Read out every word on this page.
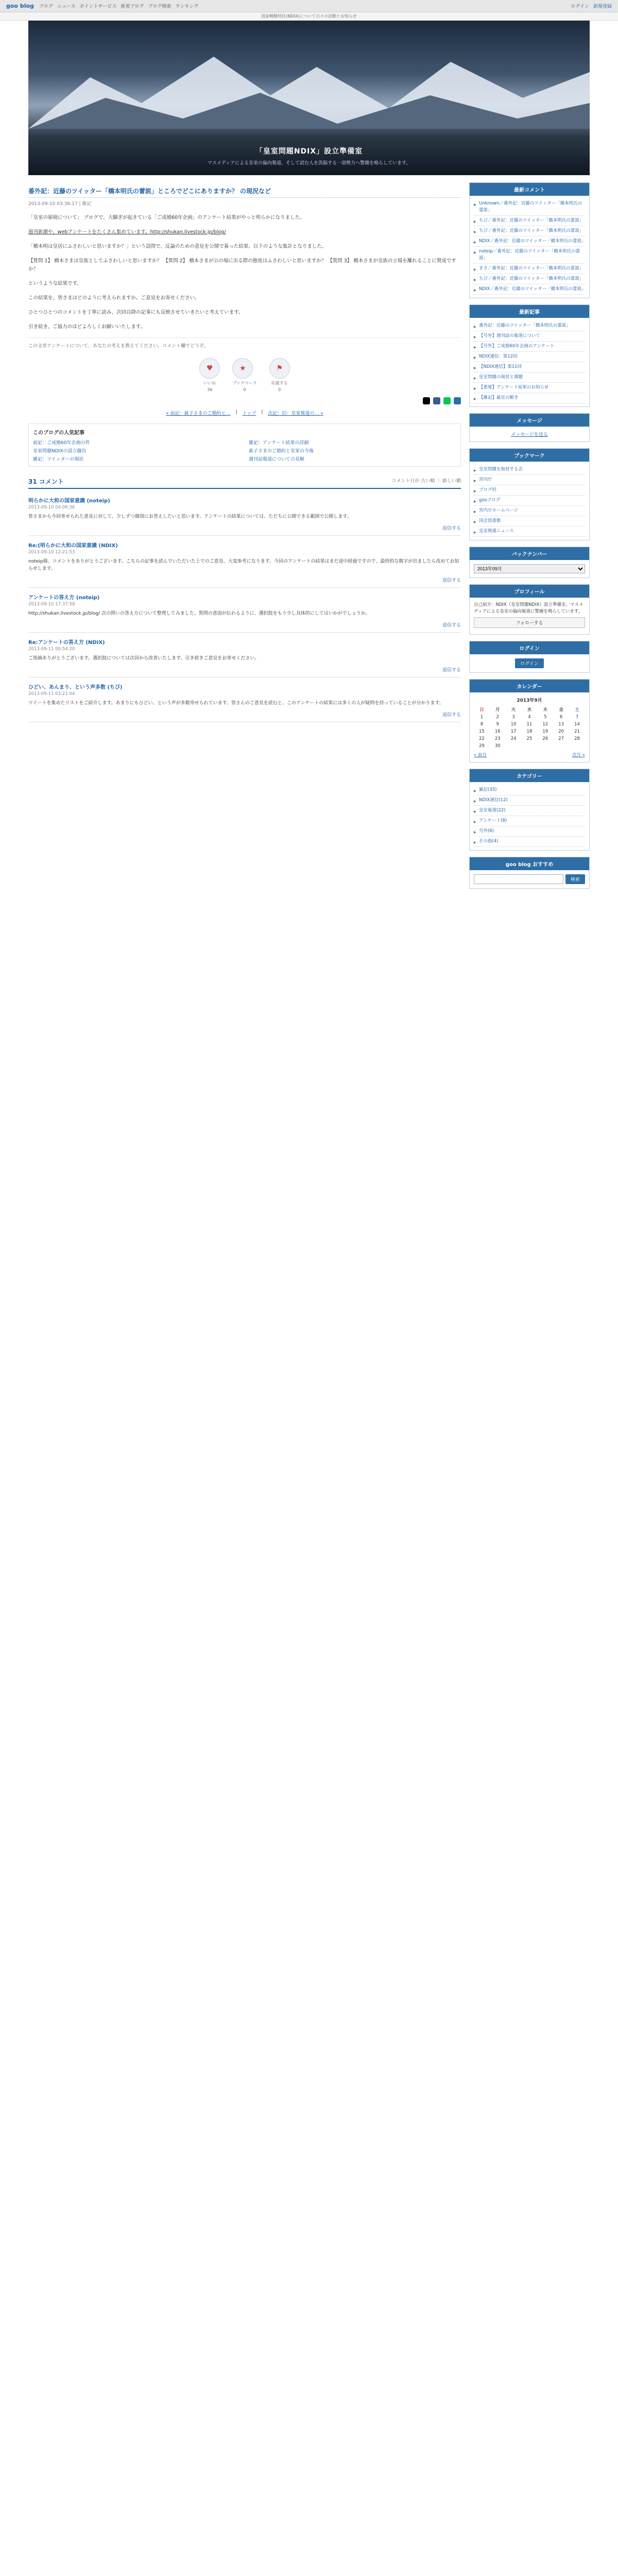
goo blog ブログ ニュース ポイントサービス 新着ブログ ブログ検索 ランキング	ログイン 新規登録
国家戦略特区(NDIX)について日々の活動とお知らせ
「皇室問題NDIX」設立準備室
マスメディアによる皇室の偏向報道、そして読む人を洗脳する一部勢力へ警鐘を鳴らしています。
番外記：近藤のツイッター「橋本明氏の蕾説」ところでどこにありますか？ の現況など
2013-09-10 03:36:17 | 雑記

「皇室の窮境について」 ブログで、大騒ぎが起きている「ご成婚60年企画」のアンケート結果がやっと明らかになりました。

週刊新潮や、webアンケートをたくさん集めています。http://shukan.livestock.jp/blog/

「橋本明は皇居にふさわしいと思いますか？」という設問で、反論のための意見を公開で募った結果、以下のような集計となりました。

【質問 1】 橋本さまは皇族としてふさわしいと思いますか？ 【質問 2】 橋本さまが公の場に出る際の態度はふさわしいと思いますか？ 【質問 3】 橋本さまが皇族の立場を離れることに賛成ですか？

というような結果です。

この結果を、皆さまはどのように考えられますか。ご意見をお寄せください。

ひとつひとつのコメントを丁寧に読み、次回以降の記事にも反映させていきたいと考えています。

引き続き、ご協力のほどよろしくお願いいたします。

この文章アンケートについて、あなたの考えを教えてください。コメント欄でどうぞ。
♥
いいね
36
★
ブックマーク
0
⚑
応援する
0
« 前記：眞子さまのご婚約と… | トップ | 次記：旧：皇室報道の… »
このブログの人気記事
前記：ご成婚60年企画の件	雑記：アンケート結果の詳細
皇室問題NDIXの設立趣旨	眞子さまのご婚約と皇室の今後
雑記：ツイッターの現状	週刊誌報道についての見解
31 コメント	コメント日が 古い順 ｜ 新しい順
明らかに大和の国家意識 (noteip)
2013-09-10 04:06:36

皆さまから今回寄せられた意見に対して、少しずつ個別にお答えしたいと思います。アンケートの結果については、ただちに公開できる範囲で公開します。

返信する
Re:(明らかに大和の国家意識 (NDIX)
2013-09-10 12:21:53

noteip様、コメントをありがとうございます。こちらの記事を読んでいただいた上でのご意見、大変参考になります。今回のアンケートの結果はまだ途中経過ですので、最終的な数字が出ましたら改めてお知らせします。

返信する
アンケートの答え方 (noteip)
2013-09-10 17:37:58

http://shukan.livestock.jp/blog/ 次の問いの答え方について整理してみました。質問の意図が伝わるように、選択肢をもう少し具体的にしてはいかがでしょうか。

返信する
Re:アンケートの答え方 (NDIX)
2013-09-11 00:54:20

ご指摘ありがとうございます。選択肢については次回から改善いたします。引き続きご意見をお寄せください。

返信する
ひどい、あんまり、という声多数 (ちび)
2013-09-11 03:21:04

ツイートを集めたリストをご紹介します。あまりにもひどい、という声が多数寄せられています。皆さんのご意見を読むと、このアンケートの結果には多くの人が疑問を持っていることが分かります。

返信する
最新コメント
▶ Unknown／番外記：近藤のツイッター「橋本明氏の蕾説」
▶ ちび／番外記：近藤のツイッター「橋本明氏の蕾説」
▶ ちび／番外記：近藤のツイッター「橋本明氏の蕾説」
▶ NDIX／番外記：近藤のツイッター「橋本明氏の蕾説」
▶ noteip／番外記：近藤のツイッター「橋本明氏の蕾説」
▶ まさ／番外記：近藤のツイッター「橋本明氏の蕾説」
▶ ちび／番外記：近藤のツイッター「橋本明氏の蕾説」
▶ NDIX／番外記：近藤のツイッター「橋本明氏の蕾説」
最新記事
▶ 番外記：近藤のツイッター「橋本明氏の蕾説」
▶ 【号外】週刊誌の報道について
▶ 【号外】ご成婚60年企画のアンケート
▶ NDIX通信：第12回
▶ 【NDIX通信】第11回
▶ 皇室問題の現状と課題
▶ 【重要】アンケート結果のお知らせ
▶ 【雑記】最近の動き
メッセージ
メッセージを送る
ブックマーク
▶ 皇室問題を取材する会
▶ 宮内庁
▶ ブログ村
▶ gooブログ
▶ 宮内庁ホームページ
▶ 国会図書館
▶ 皇室関連ニュース
バックナンバー
2013年09月
プロフィール
自己紹介：NDIX（皇室問題NDIX）設立準備室。マスメディアによる皇室の偏向報道に警鐘を鳴らしています。
フォローする
ログイン
ログイン
カレンダー
2013年9月
日	月	火	水	木	金	土
1	2	3	4	5	6	7
8	9	10	11	12	13	14
15	16	17	18	19	20	21
22	23	24	25	26	27	28
29	30					
« 前月	次月 »
カテゴリー
▶ 雑記(35)
▶ NDIX通信(12)
▶ 皇室報道(22)
▶ アンケート(8)
▶ 号外(6)
▶ その他(4)
goo blog おすすめ
検索
